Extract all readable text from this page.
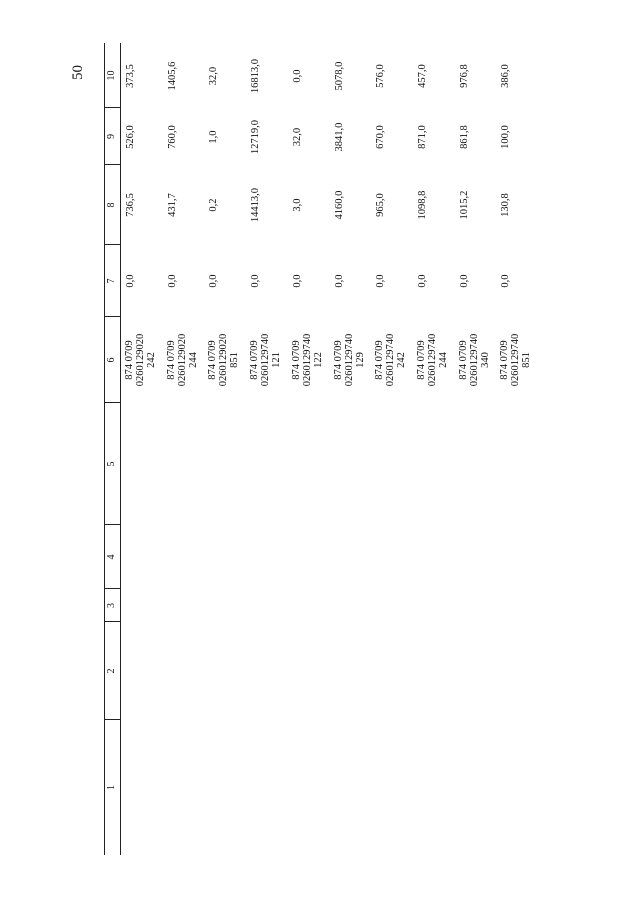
50
1
2
3
4
5
6
7
8
9
10
874 0709 0260129020 242
0,0
736,5
526,0
373,5
874 0709 0260129020 244
0,0
431,7
760,0
1405,6
874 0709 0260129020 851
0,0
0,2
1,0
32,0
874 0709 0260129740 121
0,0
14413,0
12719,0
16813,0
874 0709 0260129740 122
0,0
3,0
32,0
0,0
874 0709 0260129740 129
0,0
4160,0
3841,0
5078,0
874 0709 0260129740 242
0,0
965,0
670,0
576,0
874 0709 0260129740 244
0,0
1098,8
871,0
457,0
874 0709 0260129740 340
0,0
1015,2
861,8
976,8
874 0709 0260129740 851
0,0
130,8
100,0
386,0
